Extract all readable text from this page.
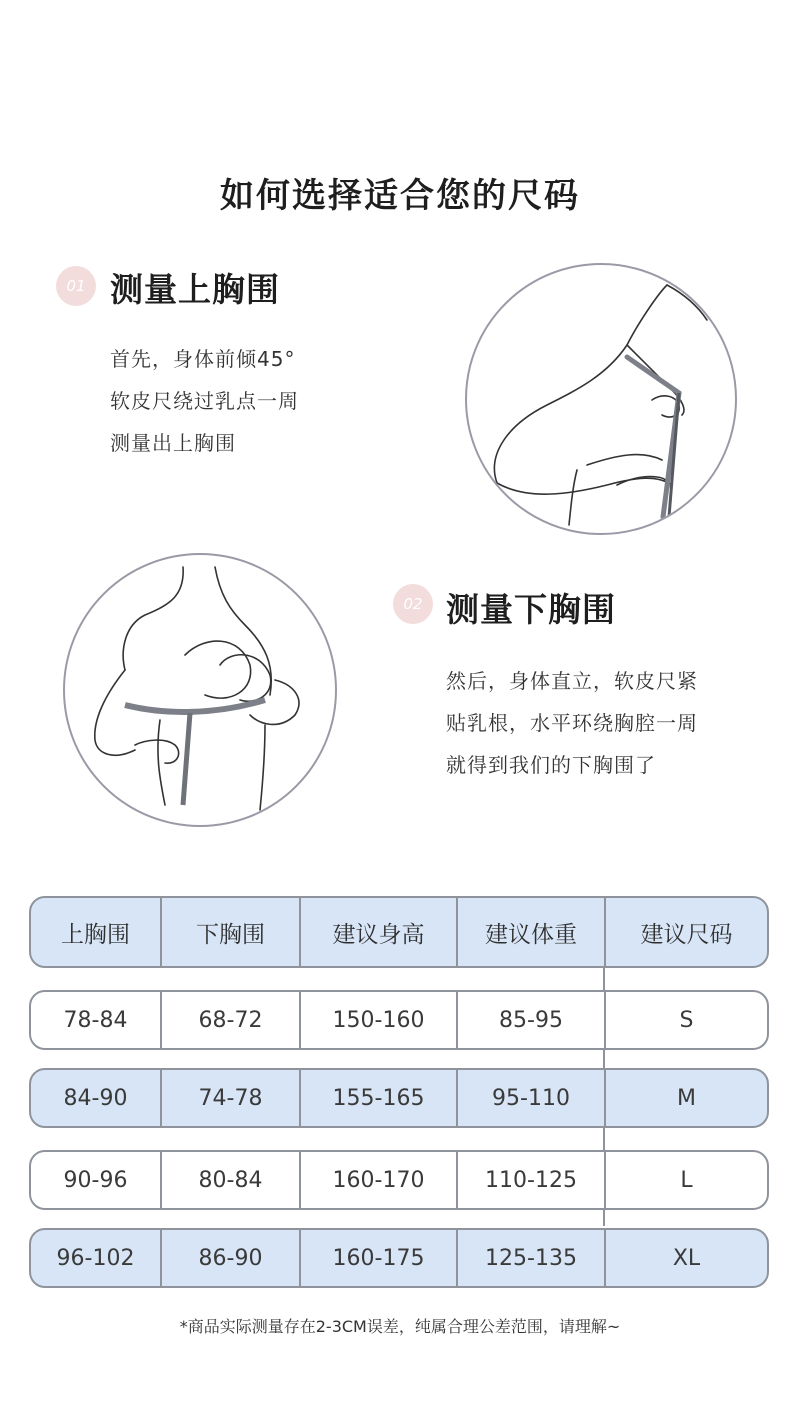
如何选择适合您的尺码
01 测量上胸围
首先，身体前倾45°
软皮尺绕过乳点一周
测量出上胸围
02 测量下胸围
然后，身体直立，软皮尺紧
贴乳根，水平环绕胸腔一周
就得到我们的下胸围了
上胸围	下胸围	建议身高	建议体重	建议尺码
78-84	68-72	150-160	85-95	S
84-90	74-78	155-165	95-110	M
90-96	80-84	160-170	110-125	L
96-102	86-90	160-175	125-135	XL
*商品实际测量存在2-3CM误差，纯属合理公差范围，请理解~
